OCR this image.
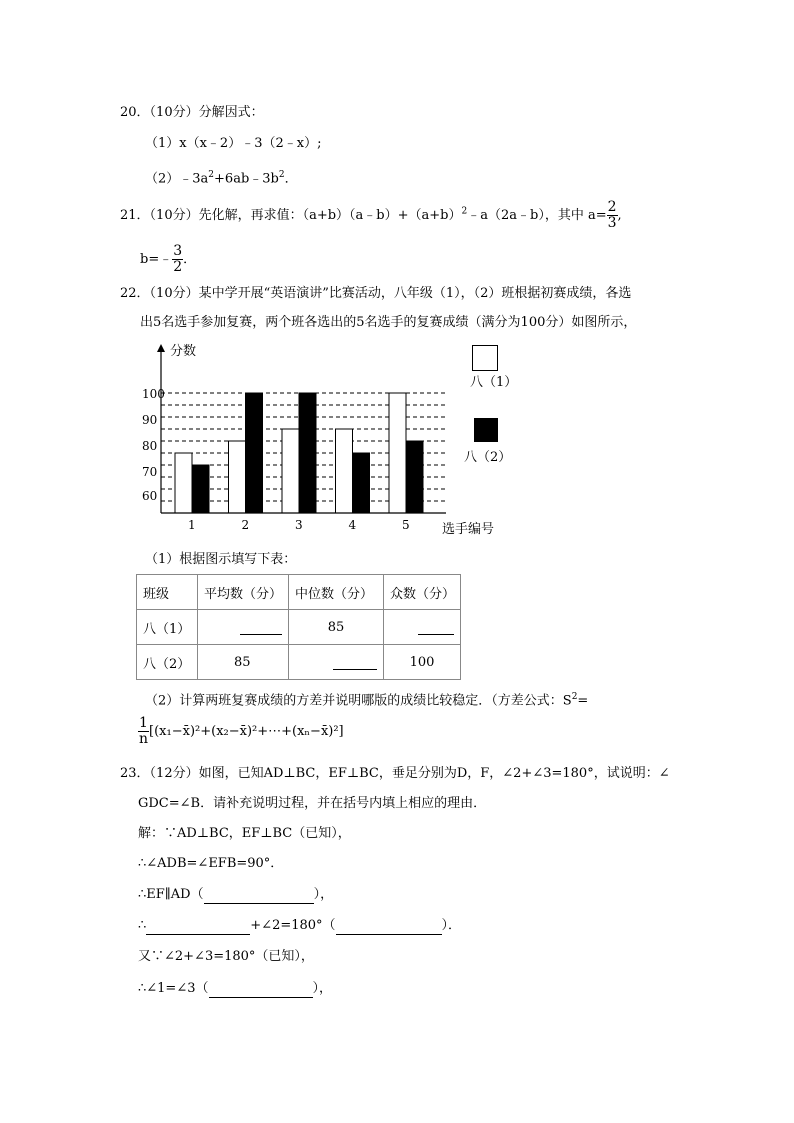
20．（10分）分解因式：
（1）x（x﹣2）﹣3（2﹣x）;
$(2)﹣3a^2+6ab﹣3b^2$．
21．（10分）先化解，再求值：$(a+b)(a﹣b)+(a+b)^2﹣a(2a﹣b)$，其中 $a= \frac{2}{3}$ ,
b=﹣ $\frac{3}{2}$ ．
22．（10分）某中学开展“英语演讲”比赛活动，八年级（1），（2）班根据初赛成绩，各选
出5名选手参加复赛，两个班各选出的5名选手的复赛成绩（满分为100分）如图所示，
60
70
80
90
100
1	2	3	4	5
分数
选手编号
八（1）
八（2）
（1）根据图示填写下表：
班级	平均数（分）	中位数（分）	众数（分）
八（1）		85	
八（2）	85		100
（2）计算两班复赛成绩的方差并说明哪版的成绩比较稳定．（方差公式：$S^2=$
$\frac{1}{n}$ [(x₁−x̄)²+(x₂−x̄)²+⋯+(xₙ−x̄)²]
23．（12分）如图，已知AD⊥BC，EF⊥BC，垂足分别为D，F，∠2+∠3=180°，试说明：∠
GDC=∠B．请补充说明过程，并在括号内填上相应的理由．
解：∵AD⊥BC，EF⊥BC（已知），
∴∠ADB=∠EFB=90°．
∴EF∥AD（	），
∴	+∠2=180°（	）．
又∵∠2+∠3=180°（已知），
∴∠1=∠3（	），
